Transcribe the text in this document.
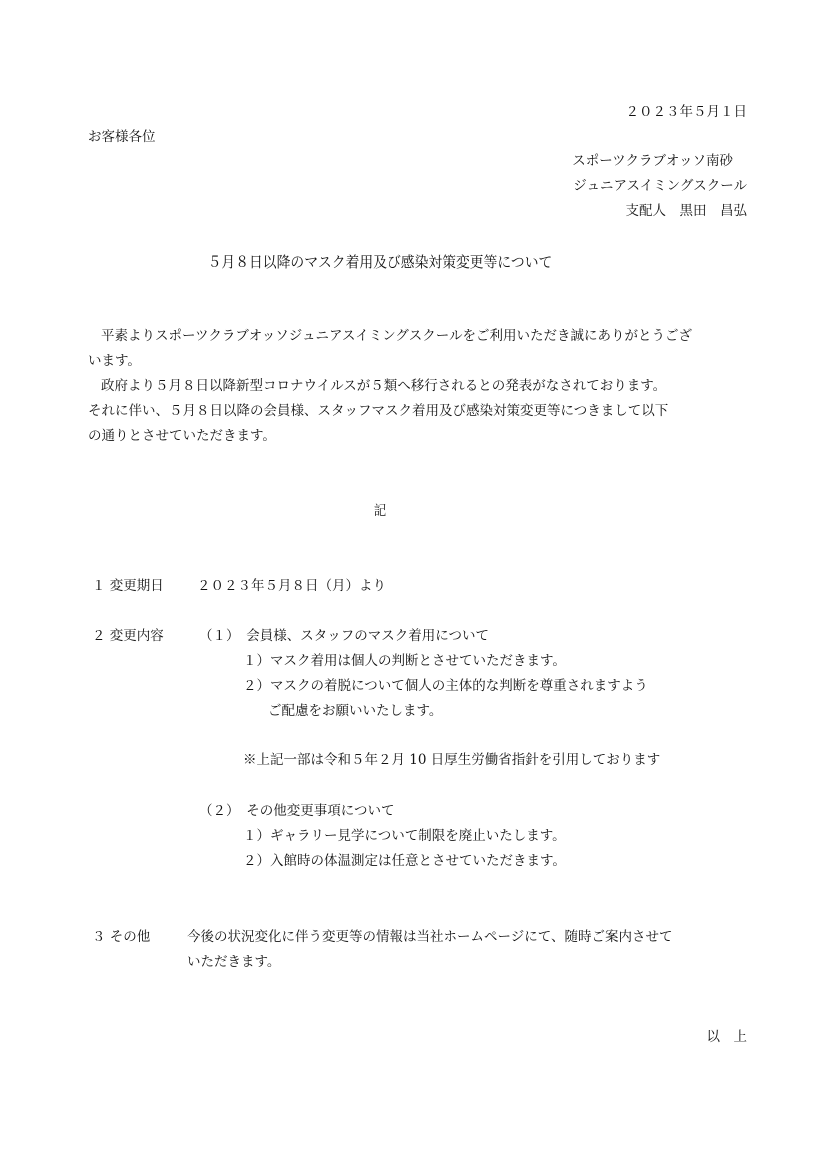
２０２３年５月１日
お客様各位
スポーツクラブオッソ南砂
ジュニアスイミングスクール
支配人　黒田　昌弘
５月８日以降のマスク着用及び感染対策変更等について
平素よりスポーツクラブオッソジュニアスイミングスクールをご利用いただき誠にありがとうござ
います。
政府より５月８日以降新型コロナウイルスが５類へ移行されるとの発表がなされております。
それに伴い、５月８日以降の会員様、スタッフマスク着用及び感染対策変更等につきまして以下
の通りとさせていただきます。
記
１ 変更期日 ２０２３年５月８日（月）より
２ 変更内容	（１）　会員様、スタッフのマスク着用について
１）マスク着用は個人の判断とさせていただきます。
２）マスクの着脱について個人の主体的な判断を尊重されますよう
ご配慮をお願いいたします。
※上記一部は令和５年２月 10 日厚生労働省指針を引用しております
（２）　その他変更事項について
１）ギャラリー見学について制限を廃止いたします。
２）入館時の体温測定は任意とさせていただきます。
３ その他	今後の状況変化に伴う変更等の情報は当社ホームページにて、随時ご案内させて
いただきます。
以　上
